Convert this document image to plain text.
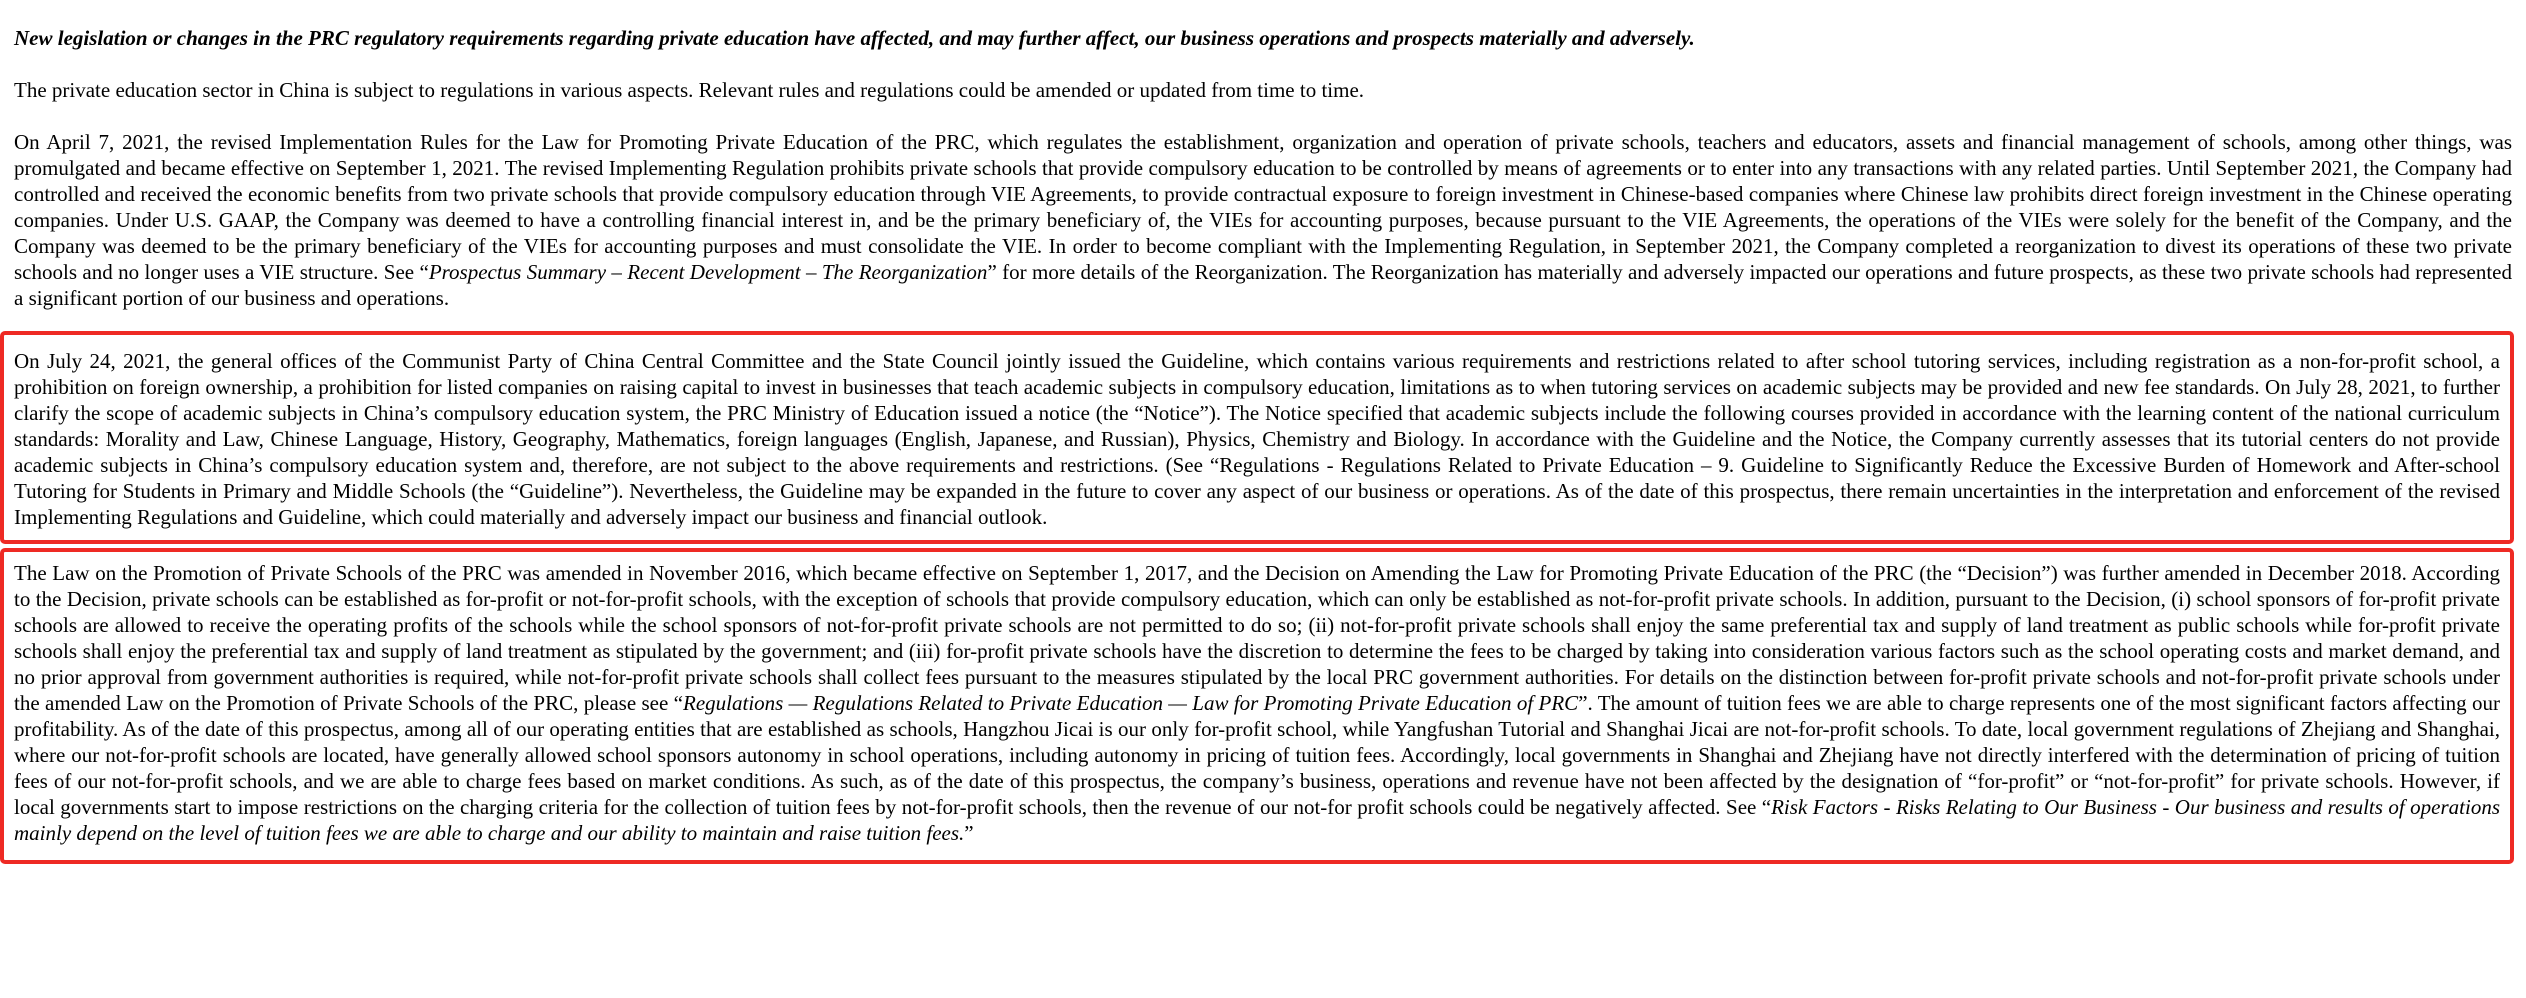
New legislation or changes in the PRC regulatory requirements regarding private education have affected, and may further affect, our business operations and prospects materially and adversely.

The private education sector in China is subject to regulations in various aspects. Relevant rules and regulations could be amended or updated from time to time.

On April 7, 2021, the revised Implementation Rules for the Law for Promoting Private Education of the PRC, which regulates the establishment, organization and operation of private schools, teachers and educators, assets and financial management of schools, among other things, was promulgated and became effective on September 1, 2021. The revised Implementing Regulation prohibits private schools that provide compulsory education to be controlled by means of agreements or to enter into any transactions with any related parties. Until September 2021, the Company had controlled and received the economic benefits from two private schools that provide compulsory education through VIE Agreements, to provide contractual exposure to foreign investment in Chinese-based companies where Chinese law prohibits direct foreign investment in the Chinese operating companies. Under U.S. GAAP, the Company was deemed to have a controlling financial interest in, and be the primary beneficiary of, the VIEs for accounting purposes, because pursuant to the VIE Agreements, the operations of the VIEs were solely for the benefit of the Company, and the Company was deemed to be the primary beneficiary of the VIEs for accounting purposes and must consolidate the VIE. In order to become compliant with the Implementing Regulation, in September 2021, the Company completed a reorganization to divest its operations of these two private schools and no longer uses a VIE structure. See “Prospectus Summary – Recent Development – The Reorganization” for more details of the Reorganization. The Reorganization has materially and adversely impacted our operations and future prospects, as these two private schools had represented a significant portion of our business and operations.

On July 24, 2021, the general offices of the Communist Party of China Central Committee and the State Council jointly issued the Guideline, which contains various requirements and restrictions related to after school tutoring services, including registration as a non-for-profit school, a prohibition on foreign ownership, a prohibition for listed companies on raising capital to invest in businesses that teach academic subjects in compulsory education, limitations as to when tutoring services on academic subjects may be provided and new fee standards. On July 28, 2021, to further clarify the scope of academic subjects in China’s compulsory education system, the PRC Ministry of Education issued a notice (the “Notice”). The Notice specified that academic subjects include the following courses provided in accordance with the learning content of the national curriculum standards: Morality and Law, Chinese Language, History, Geography, Mathematics, foreign languages (English, Japanese, and Russian), Physics, Chemistry and Biology. In accordance with the Guideline and the Notice, the Company currently assesses that its tutorial centers do not provide academic subjects in China’s compulsory education system and, therefore, are not subject to the above requirements and restrictions. (See “Regulations - Regulations Related to Private Education – 9. Guideline to Significantly Reduce the Excessive Burden of Homework and After-school Tutoring for Students in Primary and Middle Schools (the “Guideline”). Nevertheless, the Guideline may be expanded in the future to cover any aspect of our business or operations. As of the date of this prospectus, there remain uncertainties in the interpretation and enforcement of the revised Implementing Regulations and Guideline, which could materially and adversely impact our business and financial outlook.

The Law on the Promotion of Private Schools of the PRC was amended in November 2016, which became effective on September 1, 2017, and the Decision on Amending the Law for Promoting Private Education of the PRC (the “Decision”) was further amended in December 2018. According to the Decision, private schools can be established as for-profit or not-for-profit schools, with the exception of schools that provide compulsory education, which can only be established as not-for-profit private schools. In addition, pursuant to the Decision, (i) school sponsors of for-profit private schools are allowed to receive the operating profits of the schools while the school sponsors of not-for-profit private schools are not permitted to do so; (ii) not-for-profit private schools shall enjoy the same preferential tax and supply of land treatment as public schools while for-profit private schools shall enjoy the preferential tax and supply of land treatment as stipulated by the government; and (iii) for-profit private schools have the discretion to determine the fees to be charged by taking into consideration various factors such as the school operating costs and market demand, and no prior approval from government authorities is required, while not-for-profit private schools shall collect fees pursuant to the measures stipulated by the local PRC government authorities. For details on the distinction between for-profit private schools and not-for-profit private schools under the amended Law on the Promotion of Private Schools of the PRC, please see “Regulations — Regulations Related to Private Education — Law for Promoting Private Education of PRC”. The amount of tuition fees we are able to charge represents one of the most significant factors affecting our profitability. As of the date of this prospectus, among all of our operating entities that are established as schools, Hangzhou Jicai is our only for-profit school, while Yangfushan Tutorial and Shanghai Jicai are not-for-profit schools. To date, local government regulations of Zhejiang and Shanghai, where our not-for-profit schools are located, have generally allowed school sponsors autonomy in school operations, including autonomy in pricing of tuition fees. Accordingly, local governments in Shanghai and Zhejiang have not directly interfered with the determination of pricing of tuition fees of our not-for-profit schools, and we are able to charge fees based on market conditions. As such, as of the date of this prospectus, the company’s business, operations and revenue have not been affected by the designation of “for-profit” or “not-for-profit” for private schools. However, if local governments start to impose restrictions on the charging criteria for the collection of tuition fees by not-for-profit schools, then the revenue of our not-for profit schools could be negatively affected. See “Risk Factors - Risks Relating to Our Business - Our business and results of operations mainly depend on the level of tuition fees we are able to charge and our ability to maintain and raise tuition fees.”
